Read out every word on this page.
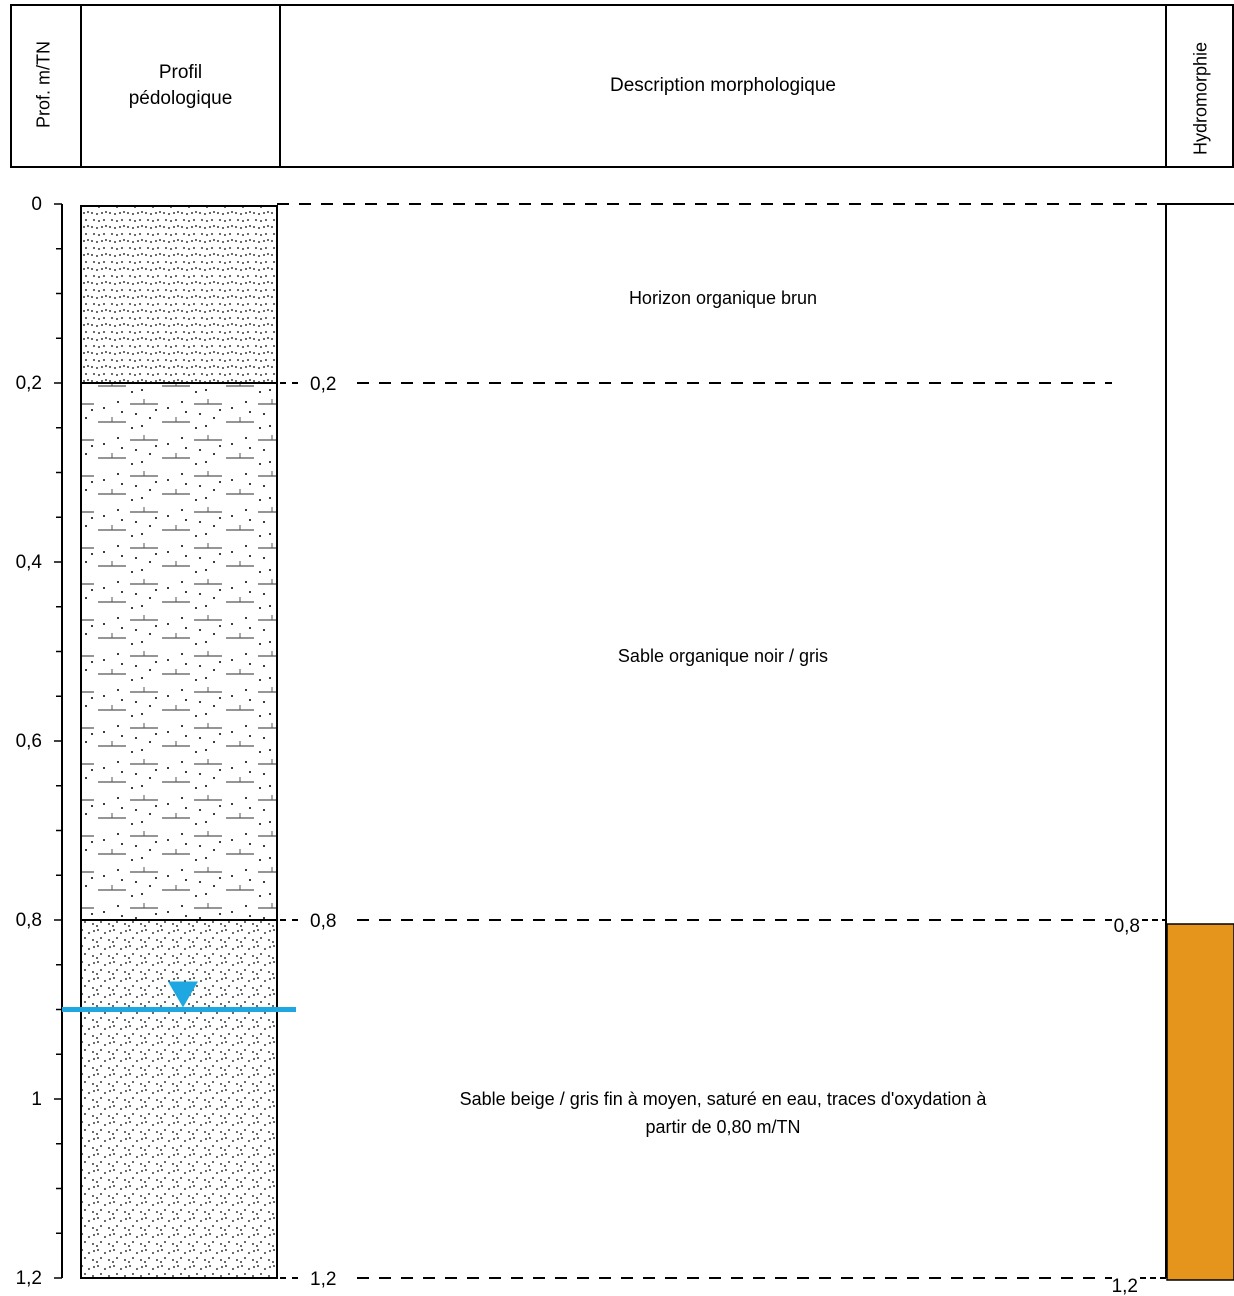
Prof. m/TN	Profil
pédologique
Description morphologique	Hydromorphie
0
0,2
0,4
0,6
0,8
1
1,2
0,2
0,8
1,2
0,8
1,2
Horizon organique brun
Sable organique noir / gris
Sable beige / gris fin à moyen, saturé en eau, traces d'oxydation à
partir de 0,80 m/TN
